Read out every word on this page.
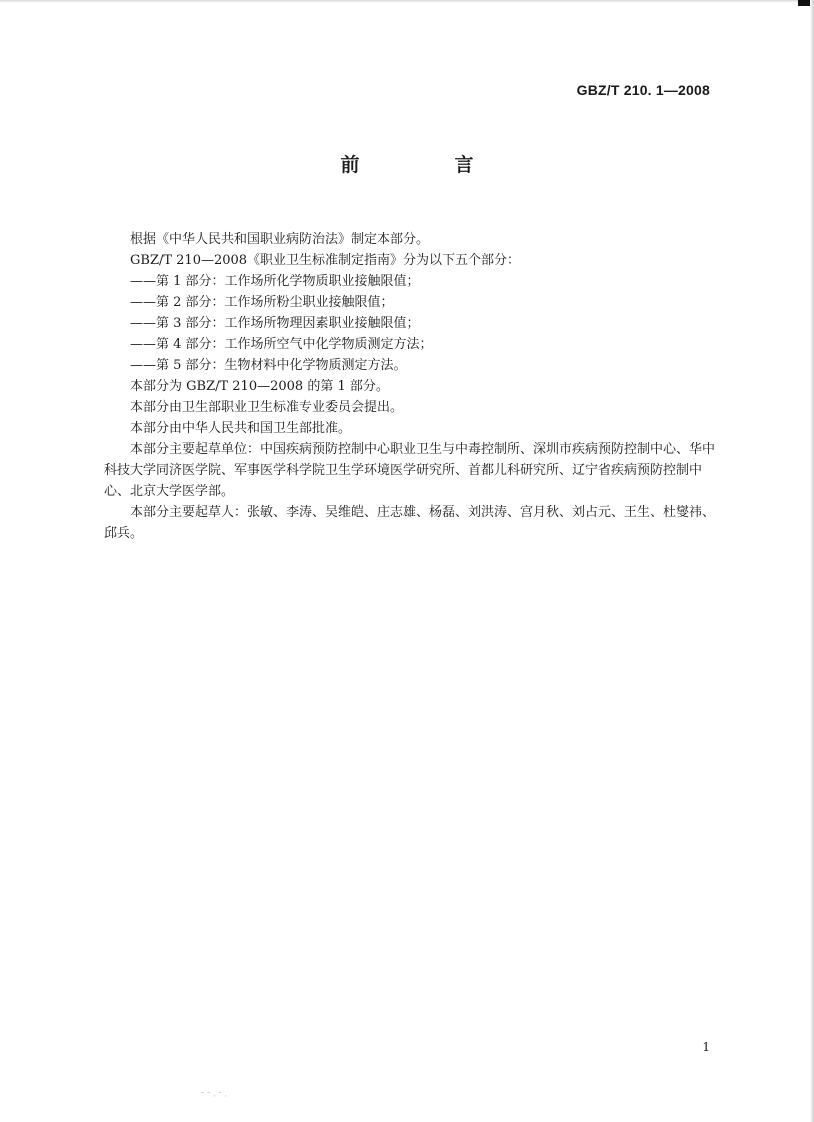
GBZ/T 210. 1—2008
前　言

根据《中华人民共和国职业病防治法》制定本部分。

GBZ/T 210—2008《职业卫生标准制定指南》分为以下五个部分：

——第 1 部分：工作场所化学物质职业接触限值；

——第 2 部分：工作场所粉尘职业接触限值；

——第 3 部分：工作场所物理因素职业接触限值；

——第 4 部分：工作场所空气中化学物质测定方法；

——第 5 部分：生物材料中化学物质测定方法。

本部分为 GBZ/T 210—2008 的第 1 部分。

本部分由卫生部职业卫生标准专业委员会提出。

本部分由中华人民共和国卫生部批准。

本部分主要起草单位：中国疾病预防控制中心职业卫生与中毒控制所、深圳市疾病预防控制中心、华中科技大学同济医学院、军事医学科学院卫生学环境医学研究所、首都儿科研究所、辽宁省疾病预防控制中心、北京大学医学部。

本部分主要起草人：张敏、李涛、吴维皑、庄志雄、杨磊、刘洪涛、宫月秋、刘占元、王生、杜燮祎、邱兵。

1
ˉˉ·ˉ·
